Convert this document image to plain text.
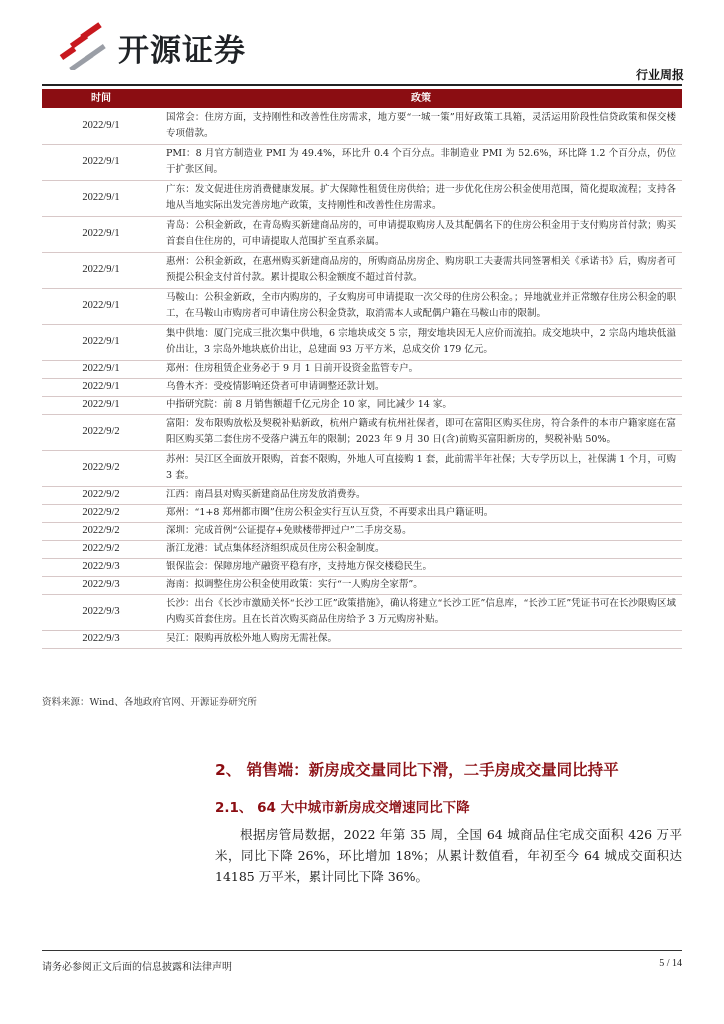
开源证券
行业周报
时间	政策
2022/9/1	国常会：住房方面，支持刚性和改善性住房需求，地方要“一城一策”用好政策工具箱，灵活运用阶段性信贷政策和保交楼专项借款。
2022/9/1	PMI：8 月官方制造业 PMI 为 49.4%，环比升 0.4 个百分点。非制造业 PMI 为 52.6%，环比降 1.2 个百分点，仍位于扩张区间。
2022/9/1	广东：发文促进住房消费健康发展。扩大保障性租赁住房供给；进一步优化住房公积金使用范围，简化提取流程；支持各地从当地实际出发完善房地产政策，支持刚性和改善性住房需求。
2022/9/1	青岛：公积金新政，在青岛购买新建商品房的，可申请提取购房人及其配偶名下的住房公积金用于支付购房首付款；购买首套自住住房的，可申请提取人范围扩至直系亲属。
2022/9/1	惠州：公积金新政，在惠州购买新建商品房的，所购商品房房企、购房职工夫妻需共同签署相关《承诺书》后，购房者可预提公积金支付首付款。累计提取公积金额度不超过首付款。
2022/9/1	马鞍山：公积金新政，全市内购房的，子女购房可申请提取一次父母的住房公积金。；异地就业并正常缴存住房公积金的职工，在马鞍山市购房者可申请住房公积金贷款，取消需本人或配偶户籍在马鞍山市的限制。
2022/9/1	集中供地：厦门完成三批次集中供地，6 宗地块成交 5 宗，翔安地块因无人应价而流拍。成交地块中，2 宗岛内地块低溢价出让，3 宗岛外地块底价出让，总建面 93 万平方米，总成交价 179 亿元。
2022/9/1	郑州：住房租赁企业务必于 9 月 1 日前开设资金监管专户。
2022/9/1	乌鲁木齐：受疫情影响还贷者可申请调整还款计划。
2022/9/1	中指研究院：前 8 月销售额超千亿元房企 10 家，同比减少 14 家。
2022/9/2	富阳：发布限购放松及契税补贴新政，杭州户籍或有杭州社保者，即可在富阳区购买住房，符合条件的本市户籍家庭在富阳区购买第二套住房不受落户满五年的限制；2023 年 9 月 30 日(含)前购买富阳新房的，契税补贴 50%。
2022/9/2	苏州：吴江区全面放开限购，首套不限购，外地人可直接购 1 套，此前需半年社保；大专学历以上，社保满 1 个月，可购 3 套。
2022/9/2	江西：南昌县对购买新建商品住房发放消费券。
2022/9/2	郑州：“1+8 郑州都市圈”住房公积金实行互认互贷，不再要求出具户籍证明。
2022/9/2	深圳：完成首例“公证提存+免赎楼带押过户”二手房交易。
2022/9/2	浙江龙港：试点集体经济组织成员住房公积金制度。
2022/9/3	银保监会：保障房地产融资平稳有序，支持地方保交楼稳民生。
2022/9/3	海南：拟调整住房公积金使用政策：实行“一人购房全家帮”。
2022/9/3	长沙：出台《长沙市激励关怀“长沙工匠”政策措施》，确认将建立“长沙工匠”信息库，“长沙工匠”凭证书可在长沙限购区域内购买首套住房。且在长首次购买商品住房给予 3 万元购房补贴。
2022/9/3	吴江：限购再放松外地人购房无需社保。
资料来源：Wind、各地政府官网、开源证券研究所
2、 销售端：新房成交量同比下滑，二手房成交量同比持平
2.1、 64 大中城市新房成交增速同比下降

根据房管局数据，2022 年第 35 周，全国 64 城商品住宅成交面积 426 万平米，同比下降 26%，环比增加 18%；从累计数值看，年初至今 64 城成交面积达 14185 万平米，累计同比下降 36%。

请务必参阅正文后面的信息披露和法律声明	5 / 14
